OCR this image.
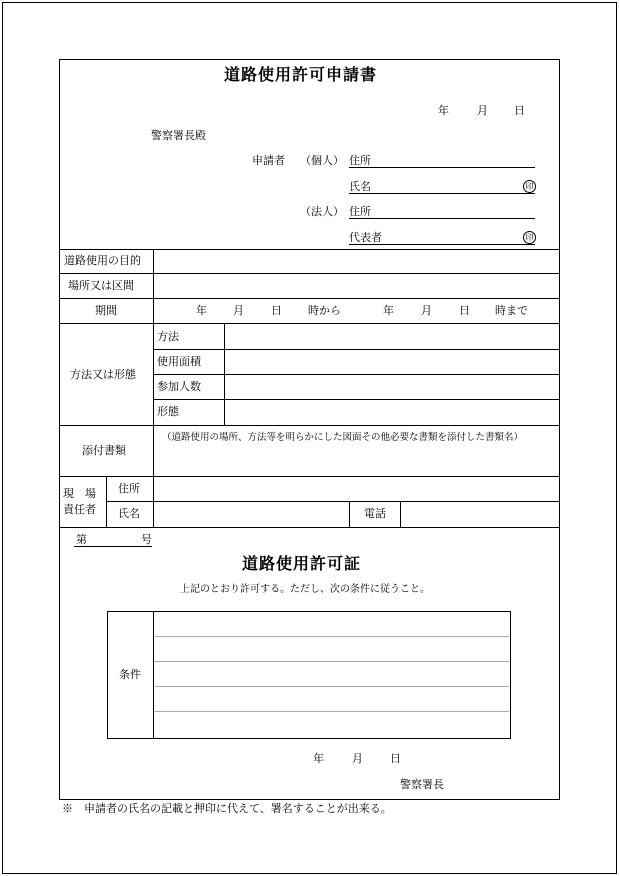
道路使用許可申請書
年	月 日
警察署長殿
申請者 （個人） 住所
氏名	印
（法人） 住所
代表者	印
道路使用の目的
場所又は区間
期間	年 月 日 時から	年 月 日 時まで
方法又は形態
方法
使用面積
参加人数
形態
添付書類
（道路使用の場所、方法等を明らかにした図面その他必要な書類を添付した書類名）
現　場
責任者
住所
氏名	電話
第	号
道路使用許可証
上記のとおり許可する。ただし、次の条件に従うこと。
条件
年	月 日
警察署長
※　申請者の氏名の記載と押印に代えて、署名することが出来る。
